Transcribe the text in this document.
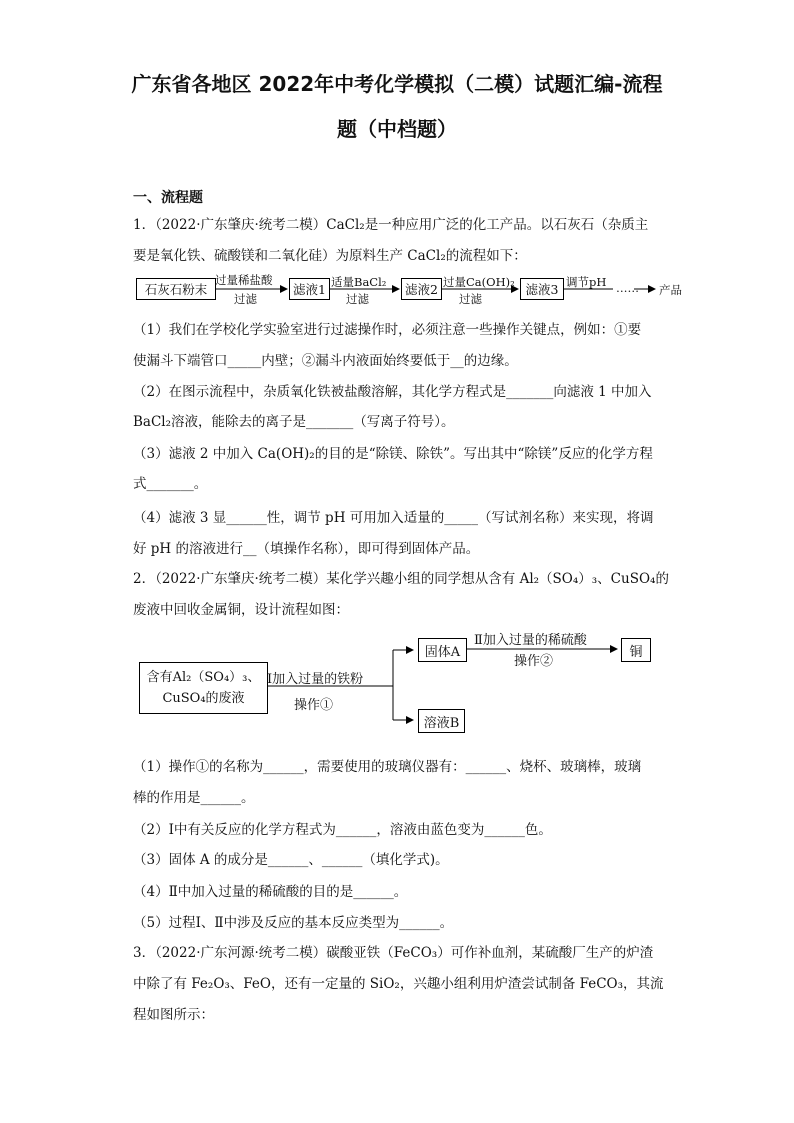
广东省各地区 2022年中考化学模拟（二模）试题汇编-流程
题（中档题）
一、流程题
1．（2022·广东肇庆·统考二模）CaCl₂是一种应用广泛的化工产品。以石灰石（杂质主
要是氧化铁、硫酸镁和二氧化硅）为原料生产 CaCl₂的流程如下：
石灰石粉末
过量稀盐酸
过滤
滤液1 适量BaCl₂
过滤
滤液2 过量Ca(OH)₂
过滤
滤液3 调节pH …… 产品
（1）我们在学校化学实验室进行过滤操作时，必须注意一些操作关键点，例如：①要
使漏斗下端管口_____内壁；②漏斗内液面始终要低于__的边缘。
（2）在图示流程中，杂质氧化铁被盐酸溶解，其化学方程式是_______向滤液 1 中加入
BaCl₂溶液，能除去的离子是_______（写离子符号）。
（3）滤液 2 中加入 Ca(OH)₂的目的是“除镁、除铁”。写出其中“除镁”反应的化学方程
式_______。
（4）滤液 3 显______性，调节 pH 可用加入适量的_____（写试剂名称）来实现，将调
好 pH 的溶液进行__（填操作名称），即可得到固体产品。
2．（2022·广东肇庆·统考二模）某化学兴趣小组的同学想从含有 Al₂（SO₄）₃、CuSO₄的
废液中回收金属铜，设计流程如图：
含有Al₂（SO₄）₃、
CuSO₄的废液
Ⅰ加入过量的铁粉
操作①
固体A
Ⅱ加入过量的稀硫酸
操作②
铜
溶液B
（1）操作①的名称为______，需要使用的玻璃仪器有：______、烧杯、玻璃棒，玻璃
棒的作用是______。
（2）Ⅰ中有关反应的化学方程式为______，溶液由蓝色变为______色。
（3）固体 A 的成分是______、______（填化学式)。
（4）Ⅱ中加入过量的稀硫酸的目的是______。
（5）过程Ⅰ、Ⅱ中涉及反应的基本反应类型为______。
3．（2022·广东河源·统考二模）碳酸亚铁（FeCO₃）可作补血剂，某硫酸厂生产的炉渣
中除了有 Fe₂O₃、FeO，还有一定量的 SiO₂，兴趣小组利用炉渣尝试制备 FeCO₃，其流
程如图所示：
